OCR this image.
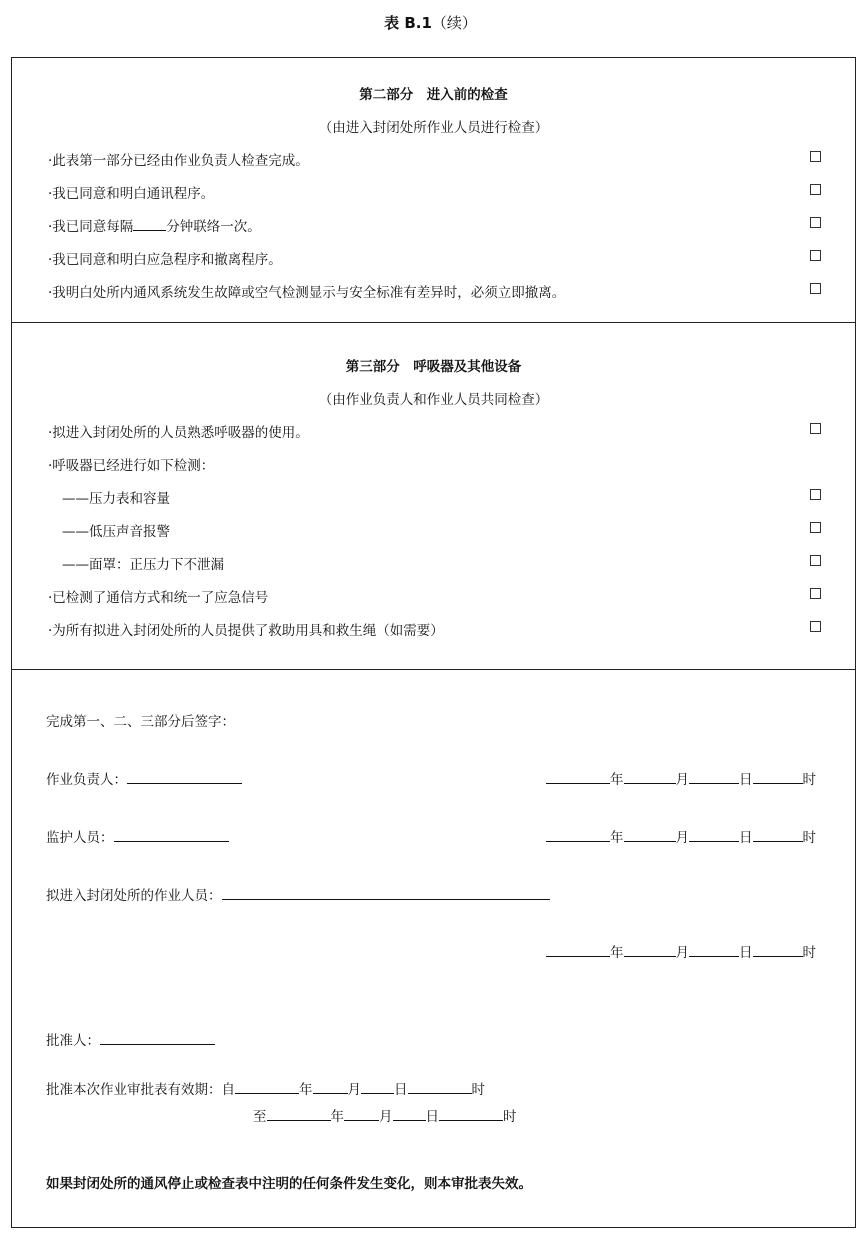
表 B.1（续）
第二部分　进入前的检查
（由进入封闭处所作业人员进行检查）
·此表第一部分已经由作业负责人检查完成。
·我已同意和明白通讯程序。
·我已同意每隔 分钟联络一次。
·我已同意和明白应急程序和撤离程序。
·我明白处所内通风系统发生故障或空气检测显示与安全标准有差异时，必须立即撤离。
第三部分　呼吸器及其他设备
（由作业负责人和作业人员共同检查）
·拟进入封闭处所的人员熟悉呼吸器的使用。
·呼吸器已经进行如下检测：
——压力表和容量
——低压声音报警
——面罩：正压力下不泄漏
·已检测了通信方式和统一了应急信号
·为所有拟进入封闭处所的人员提供了救助用具和救生绳（如需要）
完成第一、二、三部分后签字：
作业负责人：	年	月	日	时
监护人员：	年	月	日	时
拟进入封闭处所的作业人员：
年	月	日	时
批准人：
批准本次作业审批表有效期：自	年	月 日	时
至	年	月 日	时
如果封闭处所的通风停止或检查表中注明的任何条件发生变化，则本审批表失效。
